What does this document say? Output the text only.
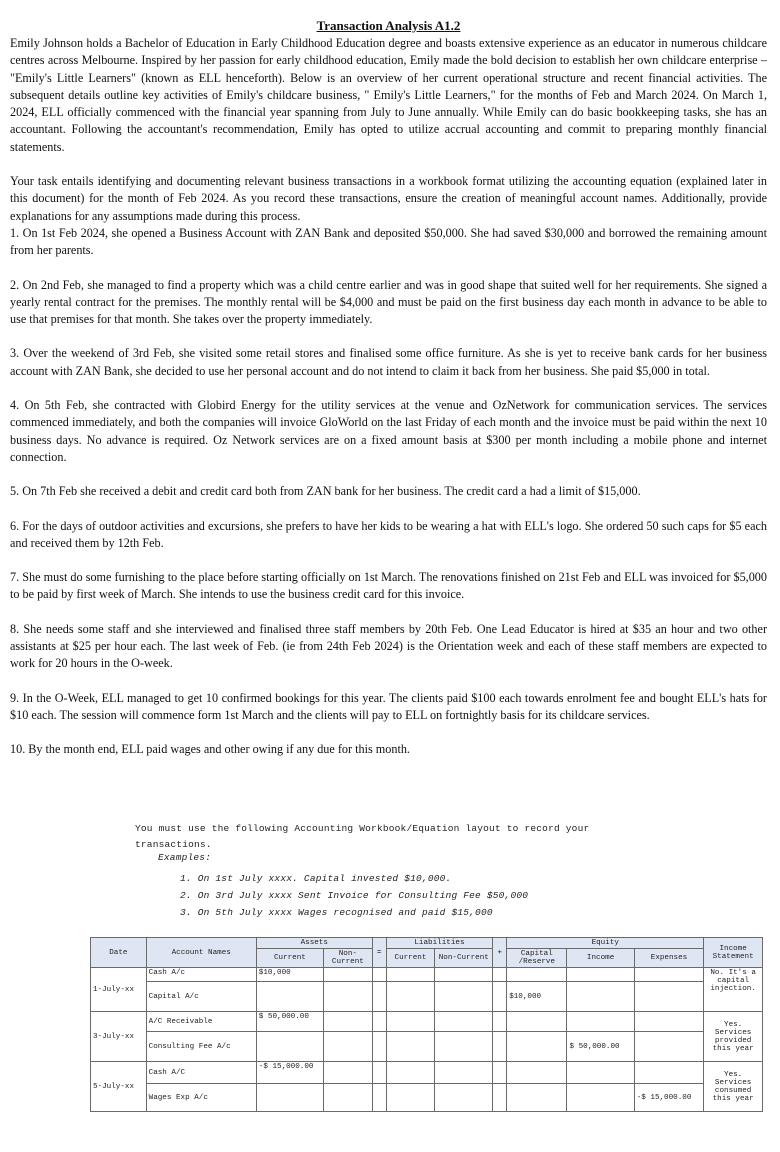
Transaction Analysis A1.2

Emily Johnson holds a Bachelor of Education in Early Childhood Education degree and boasts extensive experience as an educator in numerous childcare centres across Melbourne. Inspired by her passion for early childhood education, Emily made the bold decision to establish her own childcare enterprise – "Emily's Little Learners" (known as ELL henceforth). Below is an overview of her current operational structure and recent financial activities. The subsequent details outline key activities of Emily's childcare business, " Emily's Little Learners," for the months of Feb and March 2024. On March 1, 2024, ELL officially commenced with the financial year spanning from July to June annually. While Emily can do basic bookkeeping tasks, she has an accountant. Following the accountant's recommendation, Emily has opted to utilize accrual accounting and commit to preparing monthly financial statements.

Your task entails identifying and documenting relevant business transactions in a workbook format utilizing the accounting equation (explained later in this document) for the month of Feb 2024. As you record these transactions, ensure the creation of meaningful account names. Additionally, provide explanations for any assumptions made during this process.

1. On 1st Feb 2024, she opened a Business Account with ZAN Bank and deposited $50,000. She had saved $30,000 and borrowed the remaining amount from her parents.

2. On 2nd Feb, she managed to find a property which was a child centre earlier and was in good shape that suited well for her requirements. She signed a yearly rental contract for the premises. The monthly rental will be $4,000 and must be paid on the first business day each month in advance to be able to use that premises for that month. She takes over the property immediately.

3. Over the weekend of 3rd Feb, she visited some retail stores and finalised some office furniture. As she is yet to receive bank cards for her business account with ZAN Bank, she decided to use her personal account and do not intend to claim it back from her business. She paid $5,000 in total.

4. On 5th Feb, she contracted with Globird Energy for the utility services at the venue and OzNetwork for communication services. The services commenced immediately, and both the companies will invoice GloWorld on the last Friday of each month and the invoice must be paid within the next 10 business days. No advance is required. Oz Network services are on a fixed amount basis at $300 per month including a mobile phone and internet connection.

5. On 7th Feb she received a debit and credit card both from ZAN bank for her business. The credit card a had a limit of $15,000.

6. For the days of outdoor activities and excursions, she prefers to have her kids to be wearing a hat with ELL's logo. She ordered 50 such caps for $5 each and received them by 12th Feb.

7. She must do some furnishing to the place before starting officially on 1st March. The renovations finished on 21st Feb and ELL was invoiced for $5,000 to be paid by first week of March. She intends to use the business credit card for this invoice.

8. She needs some staff and she interviewed and finalised three staff members by 20th Feb. One Lead Educator is hired at $35 an hour and two other assistants at $25 per hour each. The last week of Feb. (ie from 24th Feb 2024) is the Orientation week and each of these staff members are expected to work for 20 hours in the O-week.

9. In the O-Week, ELL managed to get 10 confirmed bookings for this year. The clients paid $100 each towards enrolment fee and bought ELL's hats for $10 each. The session will commence form 1st March and the clients will pay to ELL on fortnightly basis for its childcare services.

10. By the month end, ELL paid wages and other owing if any due for this month.

You must use the following Accounting Workbook/Equation layout to record your
transactions.
Examples:
1. On 1st July xxxx. Capital invested $10,000.
2. On 3rd July xxxx Sent Invoice for Consulting Fee $50,000
3. On 5th July xxxx Wages recognised and paid $15,000
Date	Account Names	Assets		=	Liabilities		+	Equity			Income Statement
		Current	Non-Current		Current	Non-Current		Capital /Reserve	Income	Expenses	
1-July-xx	Cash A/c	$10,000									No. It's a capital injection.
	Capital A/c							$10,000			
3-July-xx	A/C Receivable	$ 50,000.00									Yes. Services provided this year
	Consulting Fee A/c								$ 50,000.00		
5-July-xx	Cash A/C	-$ 15,000.00									Yes. Services consumed this year
	Wages Exp A/c									-$ 15,000.00	
